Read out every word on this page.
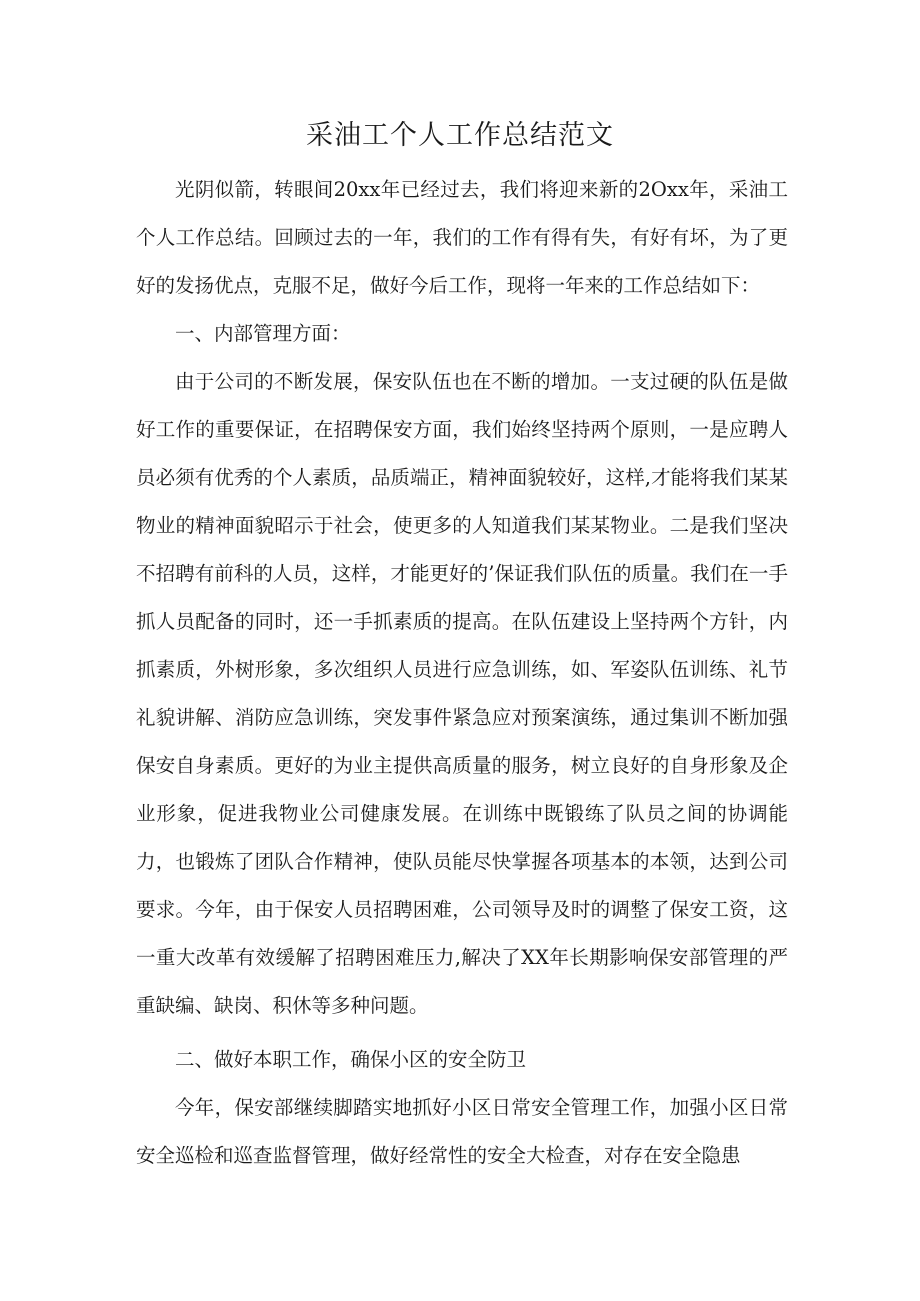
采油工个人工作总结范文

光阴似箭，转眼间20xx年已经过去，我们将迎来新的2Oxx年，采油工个人工作总结。回顾过去的一年，我们的工作有得有失，有好有坏，为了更好的发扬优点，克服不足，做好今后工作，现将一年来的工作总结如下：

一、内部管理方面：

由于公司的不断发展，保安队伍也在不断的增加。一支过硬的队伍是做好工作的重要保证，在招聘保安方面，我们始终坚持两个原则，一是应聘人员必须有优秀的个人素质，品质端正，精神面貌较好，这样,才能将我们某某物业的精神面貌昭示于社会，使更多的人知道我们某某物业。二是我们坚决不招聘有前科的人员，这样，才能更好的’保证我们队伍的质量。我们在一手抓人员配备的同时，还一手抓素质的提高。在队伍建设上坚持两个方针，内抓素质，外树形象，多次组织人员进行应急训练，如、军姿队伍训练、礼节礼貌讲解、消防应急训练，突发事件紧急应对预案演练，通过集训不断加强保安自身素质。更好的为业主提供高质量的服务，树立良好的自身形象及企业形象，促进我物业公司健康发展。在训练中既锻练了队员之间的协调能力，也锻炼了团队合作精神，使队员能尽快掌握各项基本的本领，达到公司要求。今年，由于保安人员招聘困难，公司领导及时的调整了保安工资，这一重大改革有效缓解了招聘困难压力,解决了XX年长期影响保安部管理的严重缺编、缺岗、积休等多种问题。

二、做好本职工作，确保小区的安全防卫

今年，保安部继续脚踏实地抓好小区日常安全管理工作，加强小区日常安全巡检和巡查监督管理，做好经常性的安全大检查，对存在安全隐患
